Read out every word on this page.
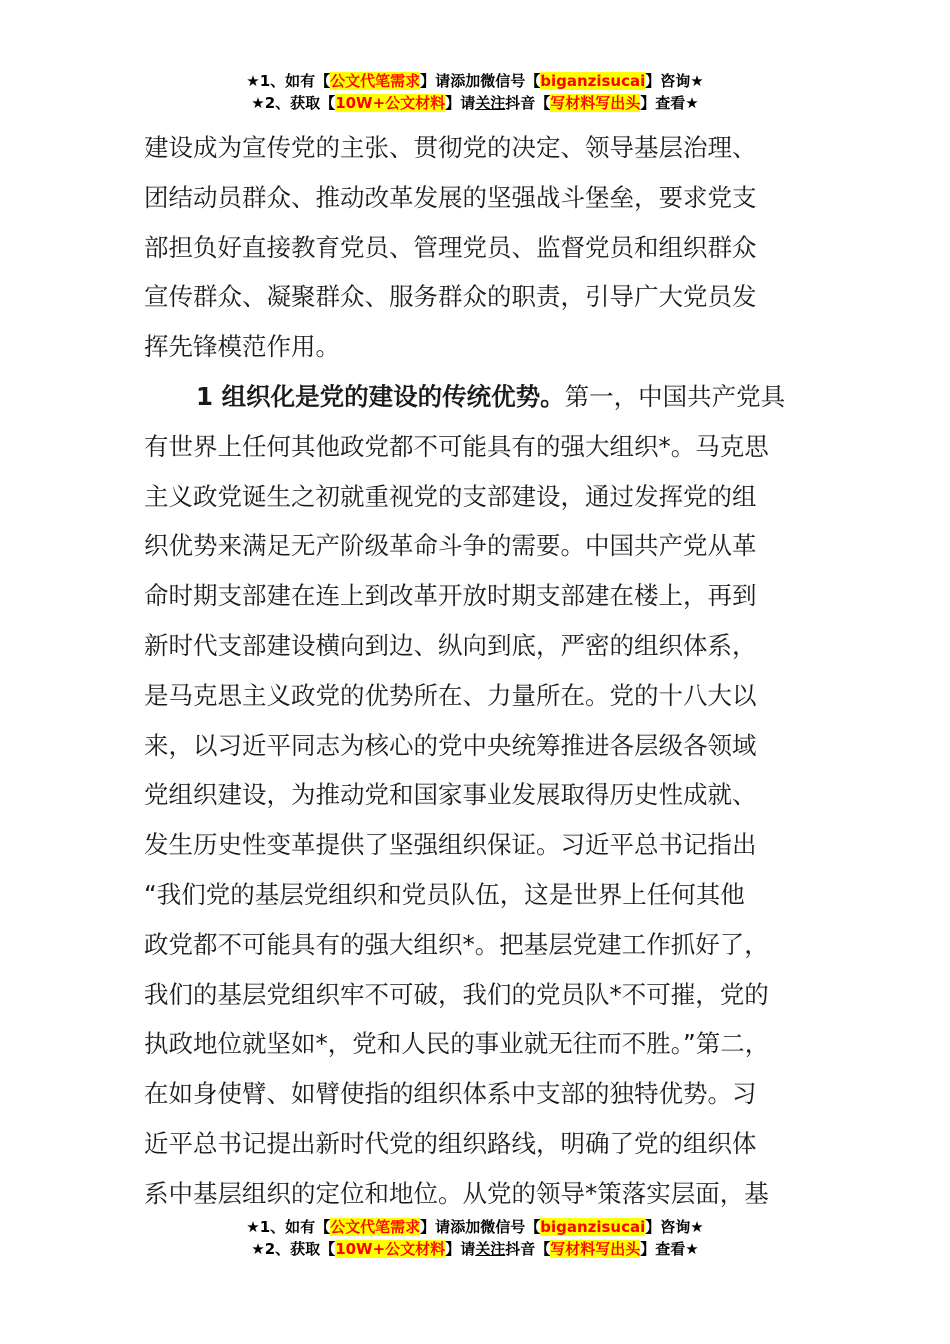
★1、如有【公文代笔需求】请添加微信号【biganzisucai】咨询★
★2、获取【10W+公文材料】请关注抖音【写材料写出头】查看★
建设成为宣传党的主张、贯彻党的决定、领导基层治理、
团结动员群众、推动改革发展的坚强战斗堡垒，要求党支
部担负好直接教育党员、管理党员、监督党员和组织群众
宣传群众、凝聚群众、服务群众的职责，引导广大党员发
挥先锋模范作用。
1 组织化是党的建设的传统优势。第一，中国共产党具
有世界上任何其他政党都不可能具有的强大组织*。马克思
主义政党诞生之初就重视党的支部建设，通过发挥党的组
织优势来满足无产阶级革命斗争的需要。中国共产党从革
命时期支部建在连上到改革开放时期支部建在楼上，再到
新时代支部建设横向到边、纵向到底，严密的组织体系，
是马克思主义政党的优势所在、力量所在。党的十八大以
来，以习近平同志为核心的党中央统筹推进各层级各领域
党组织建设，为推动党和国家事业发展取得历史性成就、
发生历史性变革提供了坚强组织保证。习近平总书记指出
“我们党的基层党组织和党员队伍，这是世界上任何其他
政党都不可能具有的强大组织*。把基层党建工作抓好了，
我们的基层党组织牢不可破，我们的党员队*不可摧，党的
执政地位就坚如*，党和人民的事业就无往而不胜。”第二，
在如身使臂、如臂使指的组织体系中支部的独特优势。习
近平总书记提出新时代党的组织路线，明确了党的组织体
系中基层组织的定位和地位。从党的领导*策落实层面，基
★1、如有【公文代笔需求】请添加微信号【biganzisucai】咨询★
★2、获取【10W+公文材料】请关注抖音【写材料写出头】查看★
